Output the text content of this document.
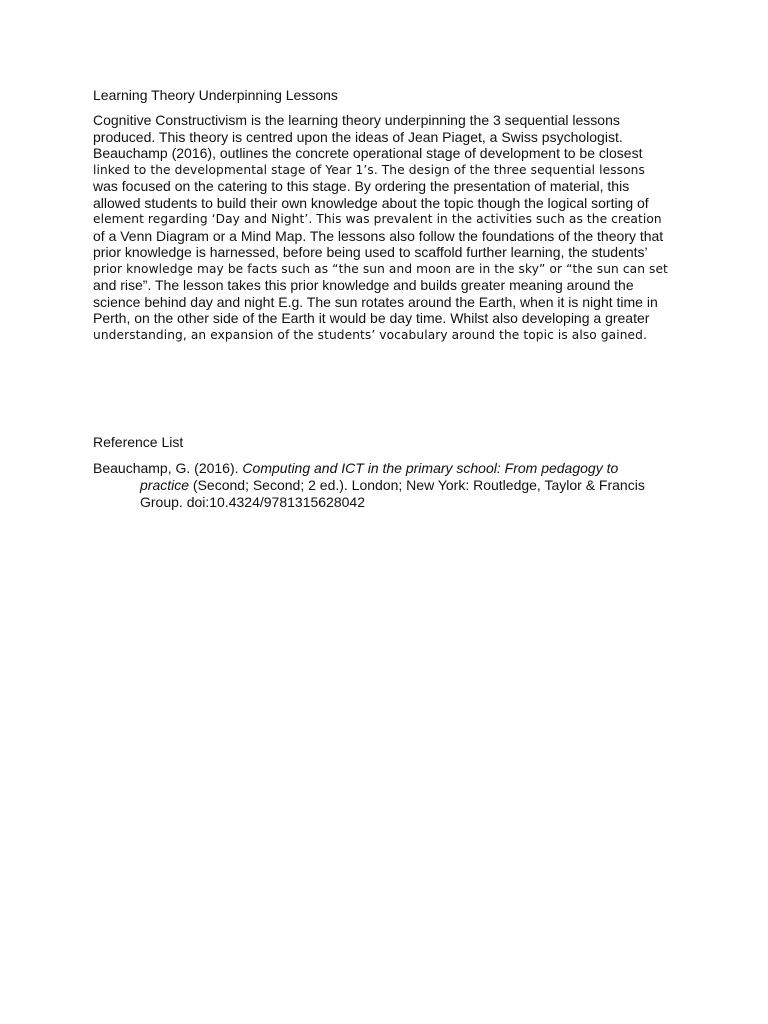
Learning Theory Underpinning Lessons
Cognitive Constructivism is the learning theory underpinning the 3 sequential lessons
produced. This theory is centred upon the ideas of Jean Piaget, a Swiss psychologist.
Beauchamp (2016), outlines the concrete operational stage of development to be closest
linked to the developmental stage of Year 1’s. The design of the three sequential lessons
was focused on the catering to this stage. By ordering the presentation of material, this
allowed students to build their own knowledge about the topic though the logical sorting of
element regarding ‘Day and Night’. This was prevalent in the activities such as the creation
of a Venn Diagram or a Mind Map. The lessons also follow the foundations of the theory that
prior knowledge is harnessed, before being used to scaffold further learning, the students’
prior knowledge may be facts such as “the sun and moon are in the sky” or “the sun can set
and rise”. The lesson takes this prior knowledge and builds greater meaning around the
science behind day and night E.g. The sun rotates around the Earth, when it is night time in
Perth, on the other side of the Earth it would be day time. Whilst also developing a greater
understanding, an expansion of the students’ vocabulary around the topic is also gained.
Reference List
Beauchamp, G. (2016). Computing and ICT in the primary school: From pedagogy to
practice (Second; Second; 2 ed.). London; New York: Routledge, Taylor & Francis
Group. doi:10.4324/9781315628042
